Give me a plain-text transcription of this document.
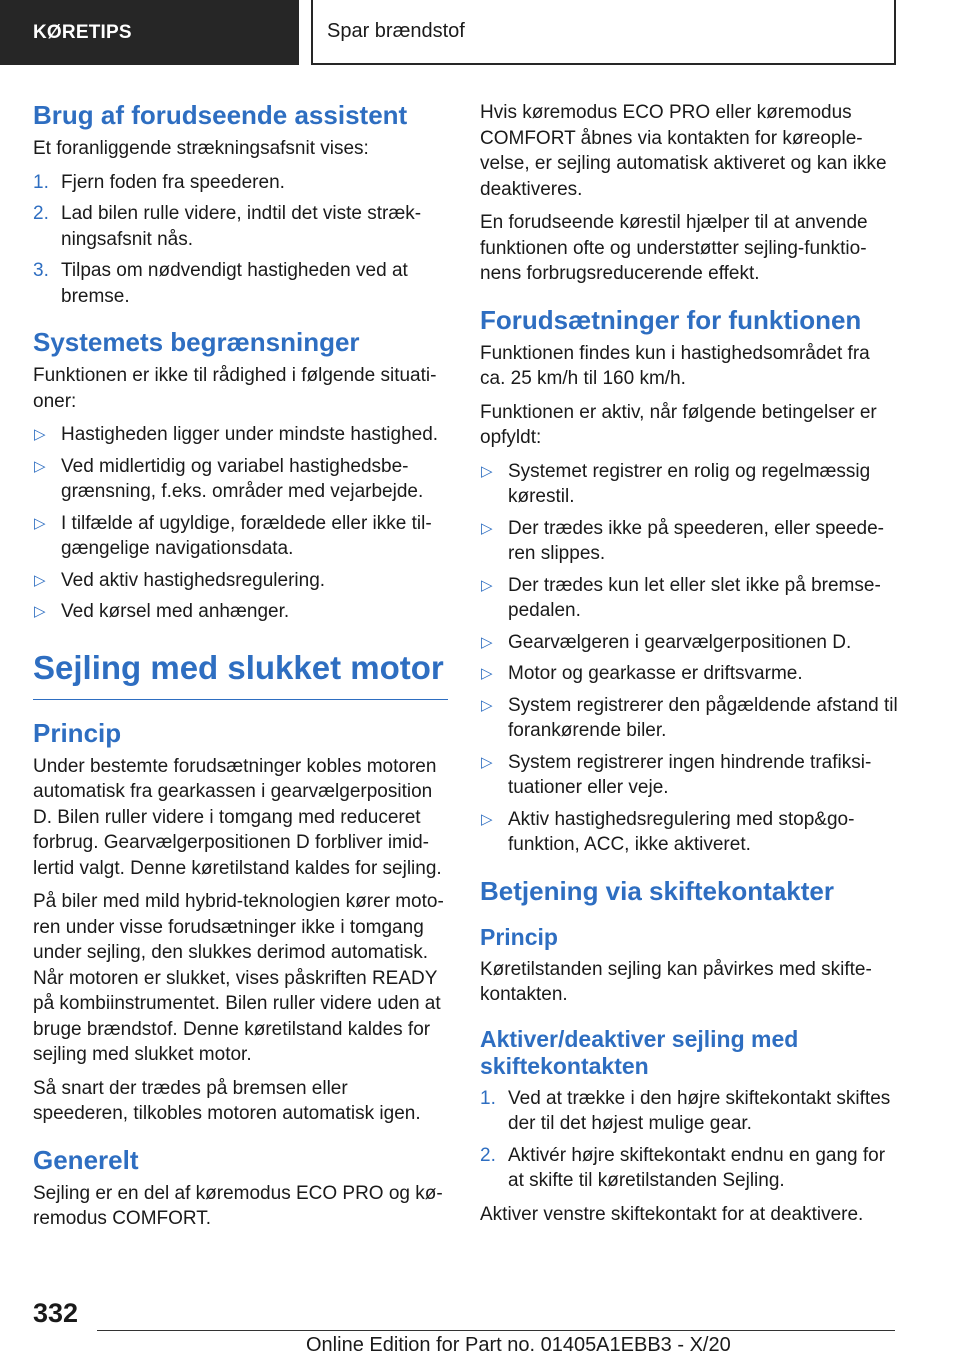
KØRETIPS	Spar brændstof
Brug af forudseende assistent

Et foranliggende strækningsafsnit vises:

1. Fjern foden fra speederen.
2. Lad bilen rulle videre, indtil det viste strækningsafsnit nås.
3. Tilpas om nødvendigt hastigheden ved at bremse.
Systemets begrænsninger

Funktionen er ikke til rådighed i følgende situationer:

▷ Hastigheden ligger under mindste hastighed.
▷ Ved midlertidig og variabel hastighedsbegrænsning, f.eks. områder med vejarbejde.
▷ I tilfælde af ugyldige, forældede eller ikke tilgængelige navigationsdata.
▷ Ved aktiv hastighedsregulering.
▷ Ved kørsel med anhænger.
Sejling med slukket motor
Princip

Under bestemte forudsætninger kobles motoren automatisk fra gearkassen i gearvælgerposition D. Bilen ruller videre i tomgang med reduceret forbrug. Gearvælgerpositionen D forbliver imidlertid valgt. Denne køretilstand kaldes for sejling.

På biler med mild hybrid-teknologien kører motoren under visse forudsætninger ikke i tomgang under sejling, den slukkes derimod automatisk. Når motoren er slukket, vises påskriften READY på kombiinstrumentet. Bilen ruller videre uden at bruge brændstof. Denne køretilstand kaldes for sejling med slukket motor.

Så snart der trædes på bremsen eller speederen, tilkobles motoren automatisk igen.

Generelt

Sejling er en del af køremodus ECO PRO og køremodus COMFORT.

Hvis køremodus ECO PRO eller køremodus COMFORT åbnes via kontakten for køreoplevelse, er sejling automatisk aktiveret og kan ikke deaktiveres.

En forudseende kørestil hjælper til at anvende funktionen ofte og understøtter sejling-funktionens forbrugsreducerende effekt.

Forudsætninger for funktionen

Funktionen findes kun i hastighedsområdet fra ca. 25 km/h til 160 km/h.

Funktionen er aktiv, når følgende betingelser er opfyldt:

▷ Systemet registrer en rolig og regelmæssig kørestil.
▷ Der trædes ikke på speederen, eller speederen slippes.
▷ Der trædes kun let eller slet ikke på bremsepedalen.
▷ Gearvælgeren i gearvælgerpositionen D.
▷ Motor og gearkasse er driftsvarme.
▷ System registrerer den pågældende afstand til forankørende biler.
▷ System registrerer ingen hindrende trafiksituationer eller veje.
▷ Aktiv hastighedsregulering med stop&go-funktion, ACC, ikke aktiveret.
Betjening via skiftekontakter
Princip

Køretilstanden sejling kan påvirkes med skiftekontakten.

Aktiver/deaktiver sejling med skiftekontakten
1. Ved at trække i den højre skiftekontakt skiftes der til det højest mulige gear.
2. Aktivér højre skiftekontakt endnu en gang for at skifte til køretilstanden Sejling.

Aktiver venstre skiftekontakt for at deaktivere.

332
Online Edition for Part no. 01405A1EBB3 - X/20
